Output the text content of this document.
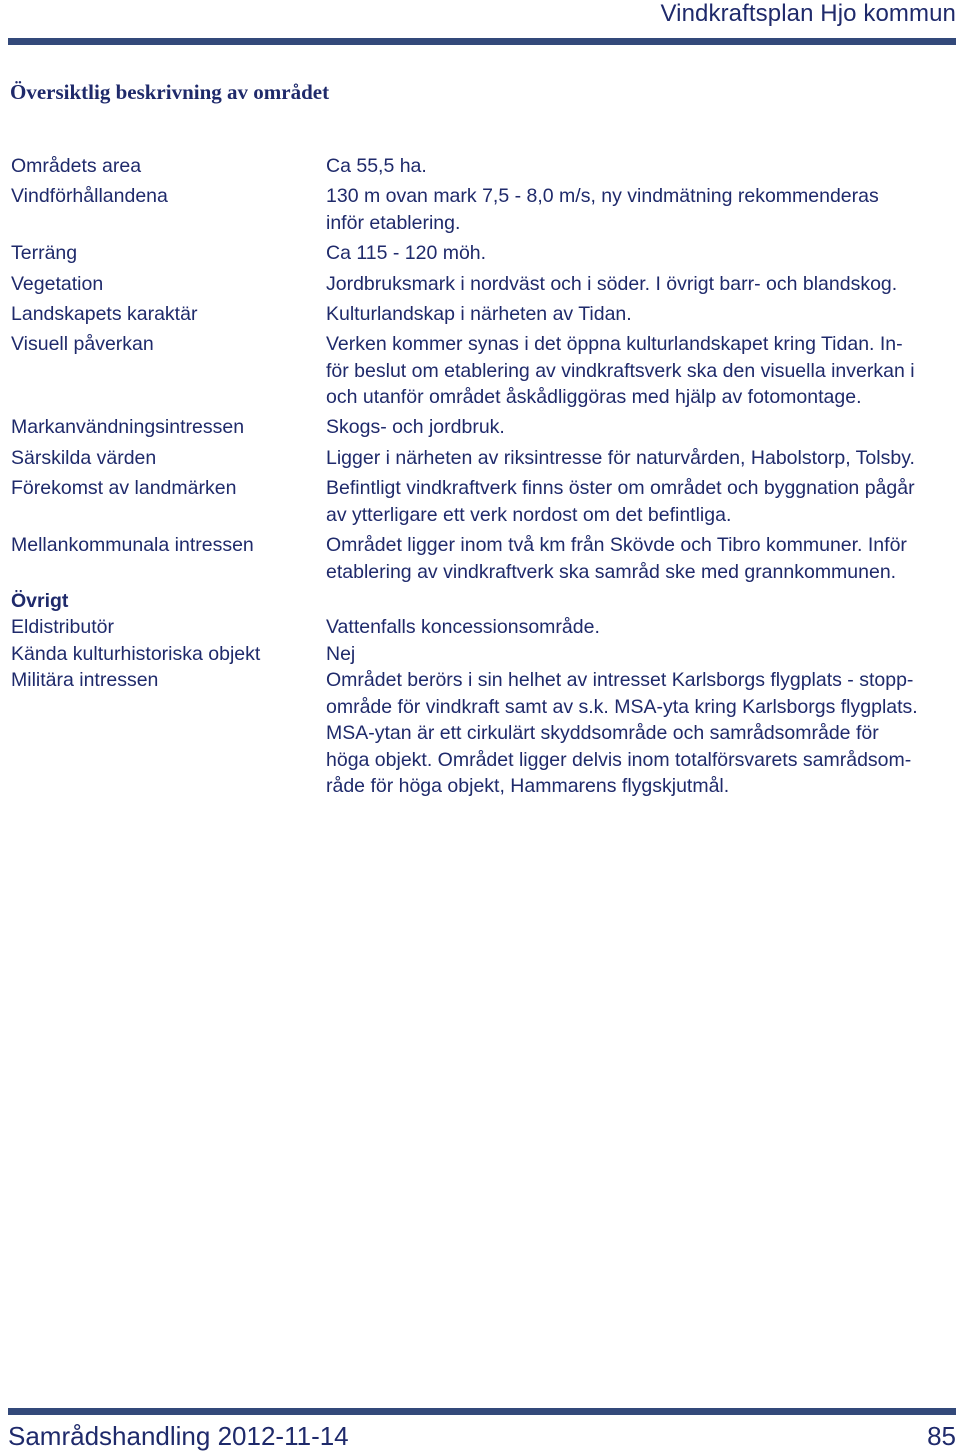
Vindkraftsplan Hjo kommun
Översiktlig beskrivning av området
Områdets area	Ca 55,5 ha.
Vindförhållandena	130 m ovan mark 7,5 - 8,0 m/s, ny vindmätning rekommenderas
inför etablering.
Terräng	Ca 115 - 120 möh.
Vegetation	Jordbruksmark i nordväst och i söder. I övrigt barr- och blandskog.
Landskapets karaktär	Kulturlandskap i närheten av Tidan.
Visuell påverkan	Verken kommer synas i det öppna kulturlandskapet kring Tidan. In-
för beslut om etablering av vindkraftsverk ska den visuella inverkan i
och utanför området åskådliggöras med hjälp av fotomontage.
Markanvändningsintressen	Skogs- och jordbruk.
Särskilda värden	Ligger i närheten av riksintresse för naturvården, Habolstorp, Tolsby.
Förekomst av landmärken	Befintligt vindkraftverk finns öster om området och byggnation pågår
av ytterligare ett verk nordost om det befintliga.
Mellankommunala intressen	Området ligger inom två km från Skövde och Tibro kommuner. Inför
etablering av vindkraftverk ska samråd ske med grannkommunen.
Övrigt
Eldistributör	Vattenfalls koncessionsområde.
Kända kulturhistoriska objekt	Nej
Militära intressen	Området berörs i sin helhet av intresset Karlsborgs flygplats - stopp-
område för vindkraft samt av s.k. MSA-yta kring Karlsborgs flygplats.
MSA-ytan är ett cirkulärt skyddsområde och samrådsområde för
höga objekt. Området ligger delvis inom totalförsvarets samrådsom-
råde för höga objekt, Hammarens flygskjutmål.
Samrådshandling 2012-11-14	85
